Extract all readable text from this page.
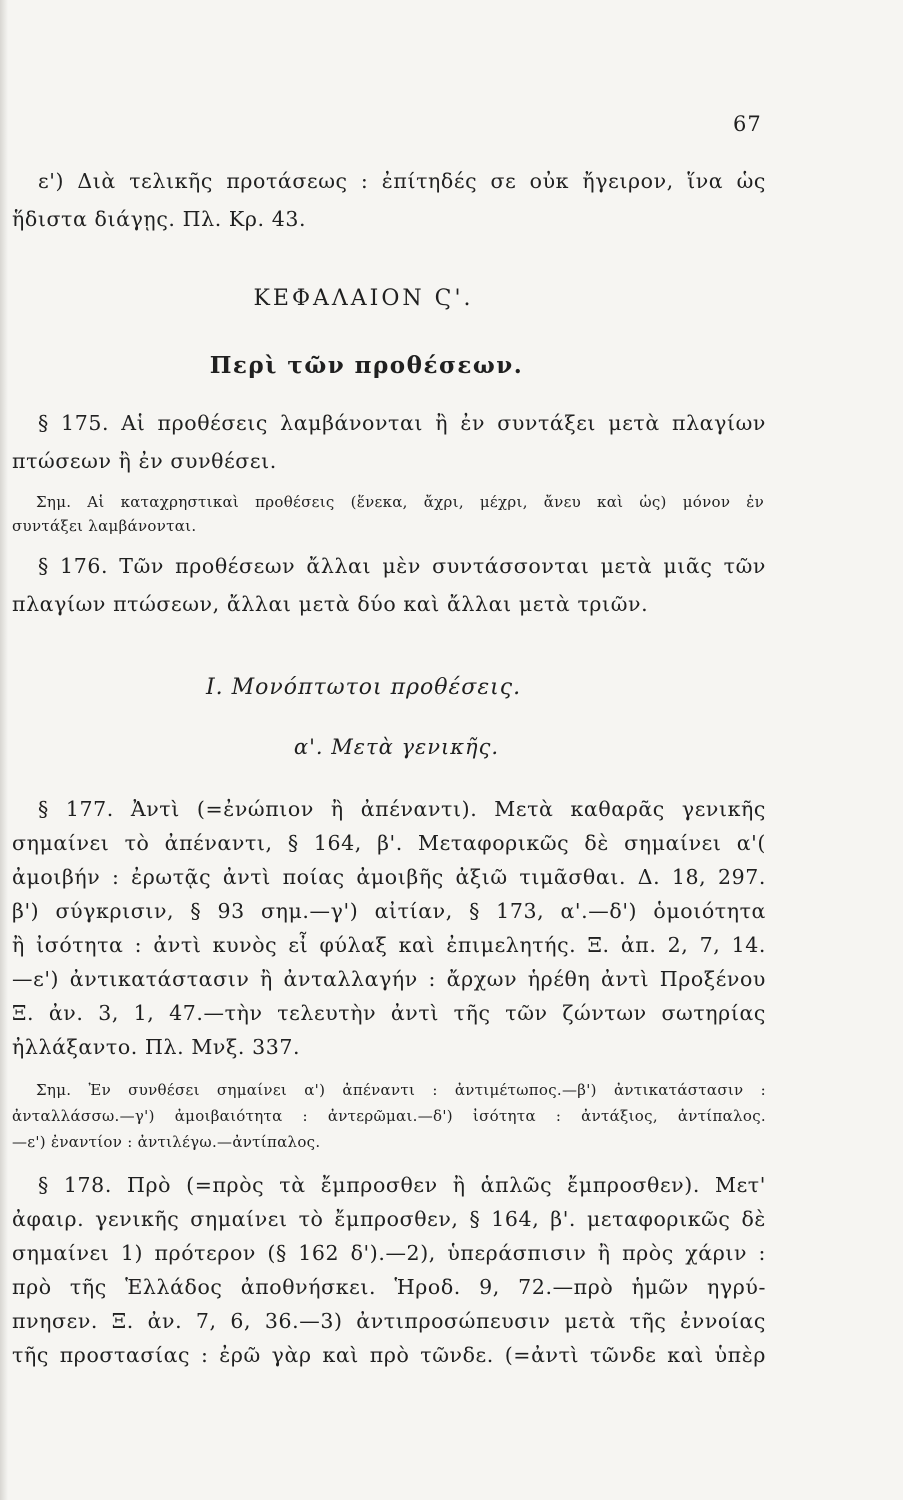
67
ε') Διὰ τελικῆς προτάσεως : ἐπίτηδές σε οὐκ ἤγειρον, ἵνα ὡς
ἥδιστα διάγῃς. Πλ. Κρ. 43.
ΚΕΦΑΛΑΙΟΝ Ϛ'.
Περὶ τῶν προθέσεων.
§ 175. Αἱ προθέσεις λαμβάνονται ἢ ἐν συντάξει μετὰ πλαγίων
πτώσεων ἢ ἐν συνθέσει.
Σημ. Αἱ καταχρηστικαὶ προθέσεις (ἕνεκα, ἄχρι, μέχρι, ἄνευ καὶ ὡς) μόνον ἐν
συντάξει λαμβάνονται.
§ 176. Τῶν προθέσεων ἄλλαι μὲν συντάσσονται μετὰ μιᾶς τῶν
πλαγίων πτώσεων, ἄλλαι μετὰ δύο καὶ ἄλλαι μετὰ τριῶν.
Ι. Μονόπτωτοι προθέσεις.
α'. Μετὰ γενικῆς.
§ 177. Ἀντὶ (=ἐνώπιον ἢ ἀπέναντι). Μετὰ καθαρᾶς γενικῆς
σημαίνει τὸ ἀπέναντι, § 164, β'. Μεταφορικῶς δὲ σημαίνει α'(
ἀμοιβήν : ἐρωτᾷς ἀντὶ ποίας ἀμοιβῆς ἀξιῶ τιμᾶσθαι. Δ. 18, 297.
β') σύγκρισιν, § 93 σημ.—γ') αἰτίαν, § 173, α'.—δ') ὁμοιότητα
ἢ ἰσότητα : ἀντὶ κυνὸς εἶ φύλαξ καὶ ἐπιμελητής. Ξ. ἀπ. 2, 7, 14.
—ε') ἀντικατάστασιν ἢ ἀνταλλαγήν : ἄρχων ἡρέθη ἀντὶ Προξένου
Ξ. ἀν. 3, 1, 47.—τὴν τελευτὴν ἀντὶ τῆς τῶν ζώντων σωτηρίας
ἠλλάξαντο. Πλ. Μνξ. 337.
Σημ. Ἐν συνθέσει σημαίνει α') ἀπέναντι : ἀντιμέτωπος.—β') ἀντικατάστασιν :
ἀνταλλάσσω.—γ') ἀμοιβαιότητα : ἀντερῶμαι.—δ') ἰσότητα : ἀντάξιος, ἀντίπαλος.
—ε') ἐναντίον : ἀντιλέγω.—ἀντίπαλος.
§ 178. Πρὸ (=πρὸς τὰ ἔμπροσθεν ἢ ἁπλῶς ἔμπροσθεν). Μετ'
ἀφαιρ. γενικῆς σημαίνει τὸ ἔμπροσθεν, § 164, β'. μεταφορικῶς δὲ
σημαίνει 1) πρότερον (§ 162 δ').—2), ὑπεράσπισιν ἢ πρὸς χάριν :
πρὸ τῆς Ἑλλάδος ἀποθνήσκει. Ἡροδ. 9, 72.—πρὸ ἡμῶν ηγρύ-
πνησεν. Ξ. ἀν. 7, 6, 36.—3) ἀντιπροσώπευσιν μετὰ τῆς ἐννοίας
τῆς προστασίας : ἐρῶ γὰρ καὶ πρὸ τῶνδε. (=ἀντὶ τῶνδε καὶ ὑπὲρ
